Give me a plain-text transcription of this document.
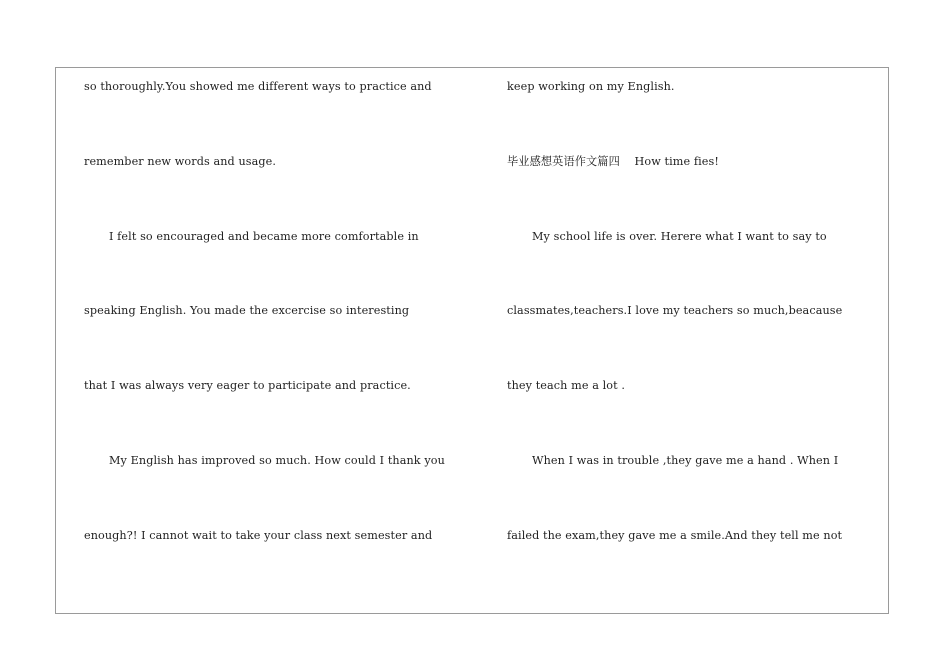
so thoroughly.You showed me different ways to practice and
remember new words and usage.
I felt so encouraged and became more comfortable in
speaking English. You made the excercise so interesting
that I was always very eager to participate and practice.
My English has improved so much. How could I thank you
enough?! I cannot wait to take your class next semester and
keep working on my English.
毕业感想英语作文篇四    How time fies!
My school life is over. Herere what I want to say to
classmates,teachers.I love my teachers so much,beacause
they teach me a lot .
When I was in trouble ,they gave me a hand . When I
failed the exam,they gave me a smile.And they tell me not
